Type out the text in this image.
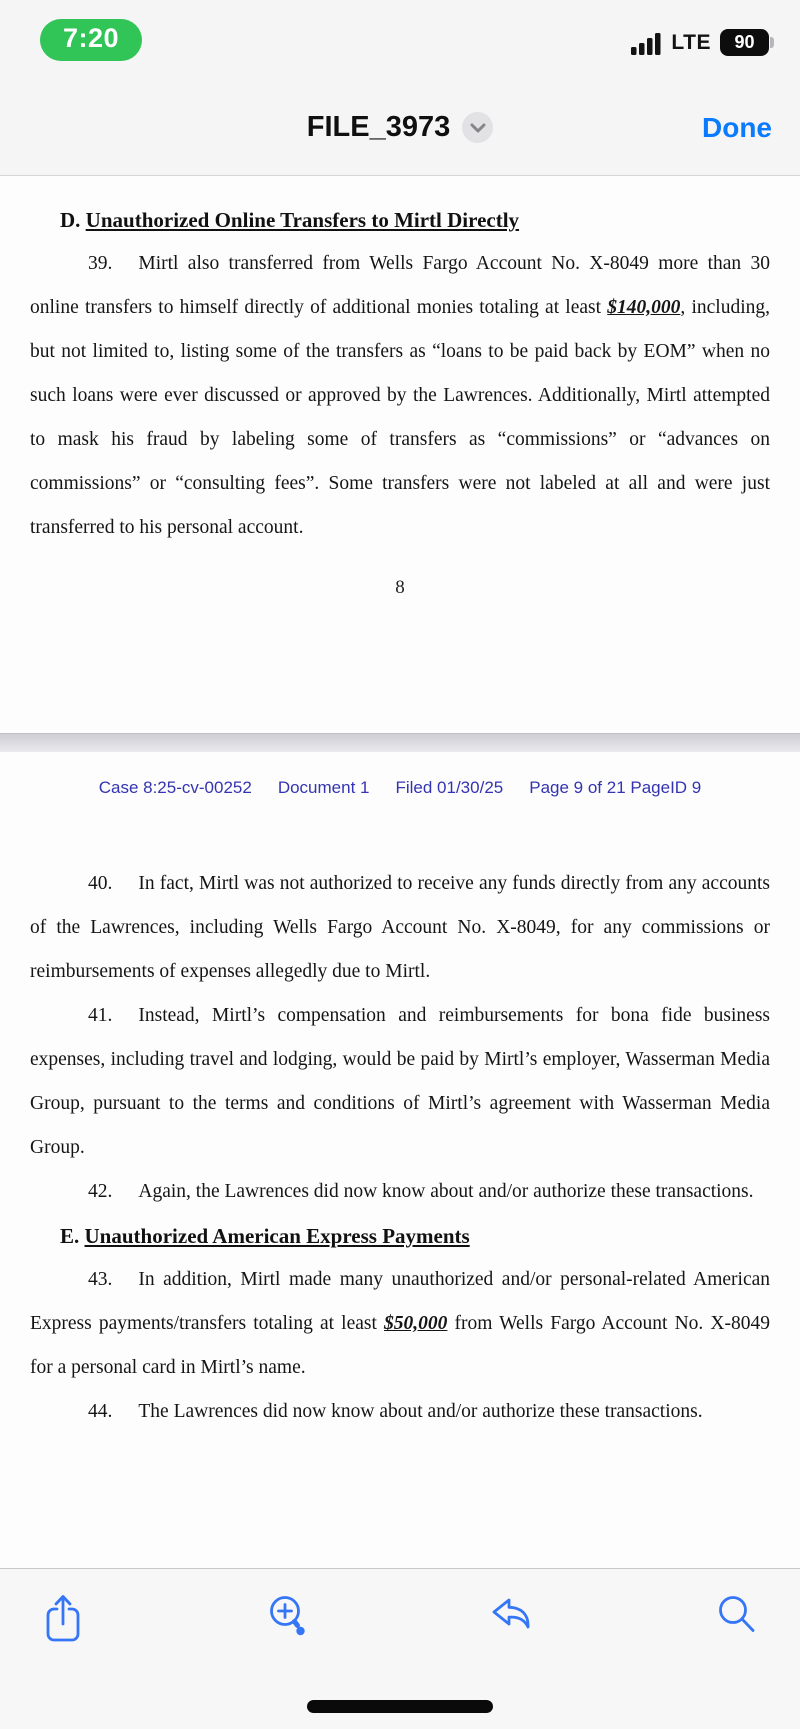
7:20	LTE 90
FILE_3973	Done
D. Unauthorized Online Transfers to Mirtl Directly

39. Mirtl also transferred from Wells Fargo Account No. X-8049 more than 30 online transfers to himself directly of additional monies totaling at least $140,000, including, but not limited to, listing some of the transfers as “loans to be paid back by EOM” when no such loans were ever discussed or approved by the Lawrences. Additionally, Mirtl attempted to mask his fraud by labeling some of transfers as “commissions” or “advances on commissions” or “consulting fees”. Some transfers were not labeled at all and were just transferred to his personal account.

8
Case 8:25-cv-00252 Document 1 Filed 01/30/25 Page 9 of 21 PageID 9

40. In fact, Mirtl was not authorized to receive any funds directly from any accounts of the Lawrences, including Wells Fargo Account No. X-8049, for any commissions or reimbursements of expenses allegedly due to Mirtl.

41. Instead, Mirtl’s compensation and reimbursements for bona fide business expenses, including travel and lodging, would be paid by Mirtl’s employer, Wasserman Media Group, pursuant to the terms and conditions of Mirtl’s agreement with Wasserman Media Group.

42. Again, the Lawrences did now know about and/or authorize these transactions.

E. Unauthorized American Express Payments

43. In addition, Mirtl made many unauthorized and/or personal-related American Express payments/transfers totaling at least $50,000 from Wells Fargo Account No. X-8049 for a personal card in Mirtl’s name.

44. The Lawrences did now know about and/or authorize these transactions.
